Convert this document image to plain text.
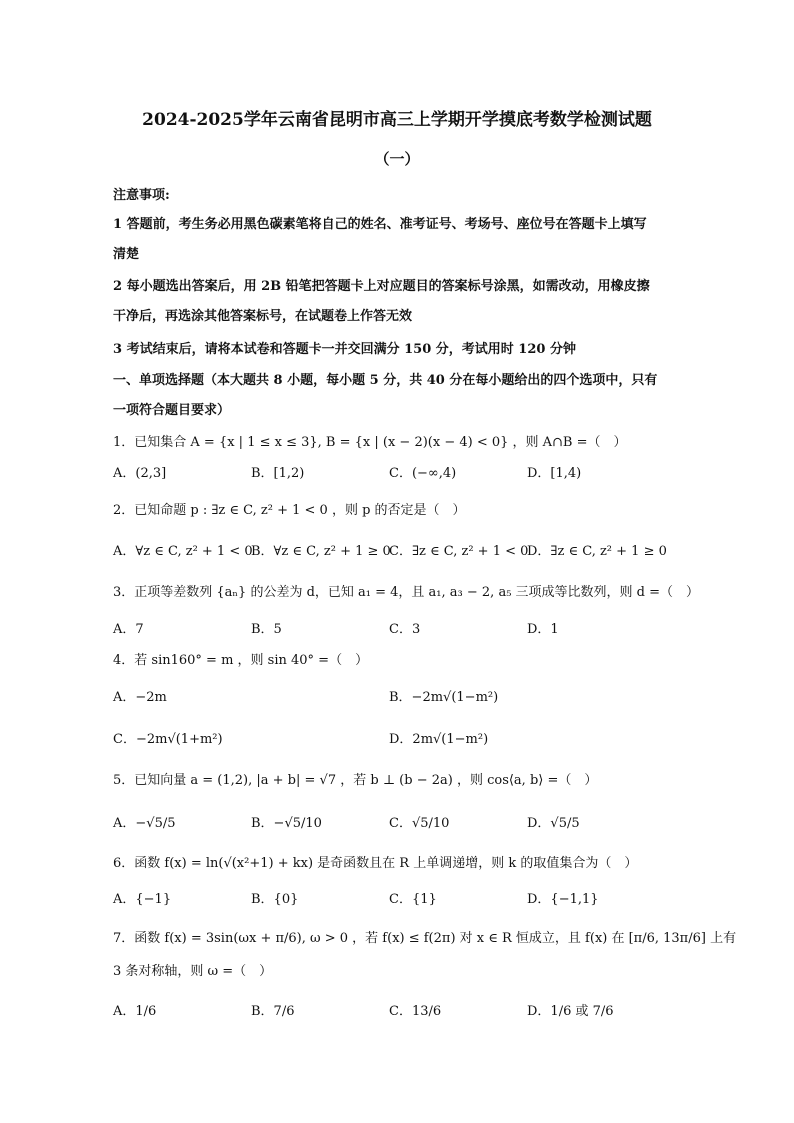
2024-2025学年云南省昆明市高三上学期开学摸底考数学检测试题
（一）
注意事项:
1 答题前，考生务必用黑色碳素笔将自己的姓名、准考证号、考场号、座位号在答题卡上填写
清楚
2 每小题选出答案后，用 2B 铅笔把答题卡上对应题目的答案标号涂黑，如需改动，用橡皮擦
干净后，再选涂其他答案标号，在试题卷上作答无效
3 考试结束后，请将本试卷和答题卡一并交回满分 150 分，考试用时 120 分钟
一、单项选择题（本大题共 8 小题，每小题 5 分，共 40 分在每小题给出的四个选项中，只有
一项符合题目要求）
1．已知集合 A = {x | 1 ≤ x ≤ 3}, B = {x | (x − 2)(x − 4) < 0} ，则 A∩B =（　）
A．(2,3]	B．[1,2)	C．(−∞,4)	D．[1,4)
2．已知命题 p : ∃z ∈ C, z² + 1 < 0 ，则 p 的否定是（　）
A．∀z ∈ C, z² + 1 < 0
B．∀z ∈ C, z² + 1 ≥ 0
C．∃z ∈ C, z² + 1 < 0
D．∃z ∈ C, z² + 1 ≥ 0
3．正项等差数列 {aₙ} 的公差为 d，已知 a₁ = 4，且 a₁, a₃ − 2, a₅ 三项成等比数列，则 d =（　）
A．7	B．5	C．3	D．1
4．若 sin160° = m ，则 sin 40° =（　）
A．−2m	B．−2m√(1−m²)
C．−2m√(1+m²)	D．2m√(1−m²)
5．已知向量 a = (1,2), |a + b| = √7 ，若 b ⊥ (b − 2a) ，则 cos⟨a, b⟩ =（　）
A．−√5/5	B．−√5/10	C．√5/10	D．√5/5
6．函数 f(x) = ln(√(x²+1) + kx) 是奇函数且在 R 上单调递增，则 k 的取值集合为（　）
A．{−1}	B．{0}	C．{1}	D．{−1,1}
7．函数 f(x) = 3sin(ωx + π/6), ω > 0 ，若 f(x) ≤ f(2π) 对 x ∈ R 恒成立，且 f(x) 在 [π/6, 13π/6] 上有
3 条对称轴，则 ω =（　）
A．1/6	B．7/6	C．13/6	D．1/6 或 7/6
